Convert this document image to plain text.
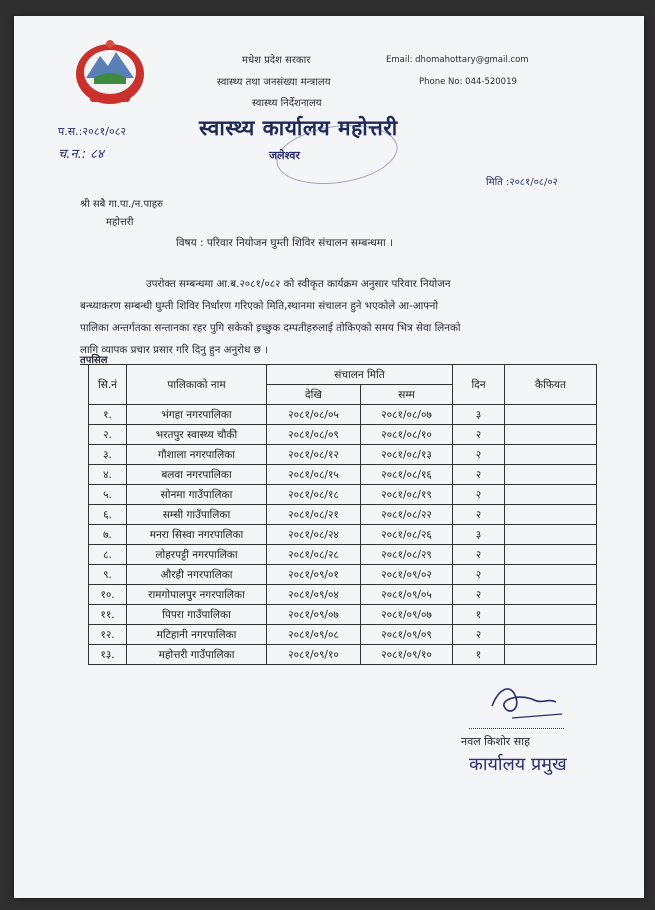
मधेश प्रदेश सरकार
स्वास्थ्य तथा जनसंख्या मन्त्रालय
स्वास्थ्य निर्देशनालय
Email: dhomahottary@gmail.com
Phone No: 044-520019
स्वास्थ्य कार्यालय महोत्तरी
जलेश्वर
प.स.:२०८१/०८२
च.न.: ८४
मिति :२०८१/०८/०२
श्री सबै गा.पा./न.पाहरु
महोत्तरी
विषय : परिवार नियोजन घुम्ती शिविर संचालन सम्बन्धमा ।
उपरोक्त सम्बन्धमा आ.ब.२०८१/०८२ को स्वीकृत कार्यक्रम अनुसार परिवार नियोजन
बन्ध्याकरण सम्बन्धी घुम्ती शिविर निर्धारण गरिएको मिति,स्थानमा संचालन हुने भएकोले आ-आफ्नो
पालिका अन्तर्गतका सन्तानका रहर पुगि सकेको इच्छुक दम्पतीहरुलाई तोकिएको समय भित्र सेवा लिनको
लागि व्यापक प्रचार प्रसार गरि दिनु हुन अनुरोध छ ।
तपसिल
सि.नं	पालिकाको नाम	संचालन मिति		दिन	कैफियत
		देखि	सम्म		
१.	भंगहा नगरपालिका	२०८१/०८/०५	२०८१/०८/०७	३	
२.	भरतपुर स्वास्थ्य चौकी	२०८१/०८/०९	२०८१/०८/१०	२	
३.	गौशाला नगरपालिका	२०८१/०८/१२	२०८१/०८/१३	२	
४.	बलवा नगरपालिका	२०८१/०८/१५	२०८१/०८/१६	२	
५.	सोनमा गाउँपालिका	२०८१/०८/१८	२०८१/०८/१९	२	
६.	सम्सी गाउँपालिका	२०८१/०८/२१	२०८१/०८/२२	२	
७.	मनरा सिस्वा नगरपालिका	२०८१/०८/२४	२०८१/०८/२६	३	
८.	लोहरपट्टी नगरपालिका	२०८१/०८/२८	२०८१/०८/२९	२	
९.	औरही नगरपालिका	२०८१/०९/०१	२०८१/०९/०२	२	
१०.	रामगोपालपुर नगरपालिका	२०८१/०९/०४	२०८१/०९/०५	२	
११.	पिपरा गाउँपालिका	२०८१/०९/०७	२०८१/०९/०७	१	
१२.	मटिहानी नगरपालिका	२०८१/०९/०८	२०८१/०९/०९	२	
१३.	महोत्तरी गाउँपालिका	२०८१/०९/१०	२०८१/०९/१०	१	
नवल किशोर साह
कार्यालय प्रमुख
